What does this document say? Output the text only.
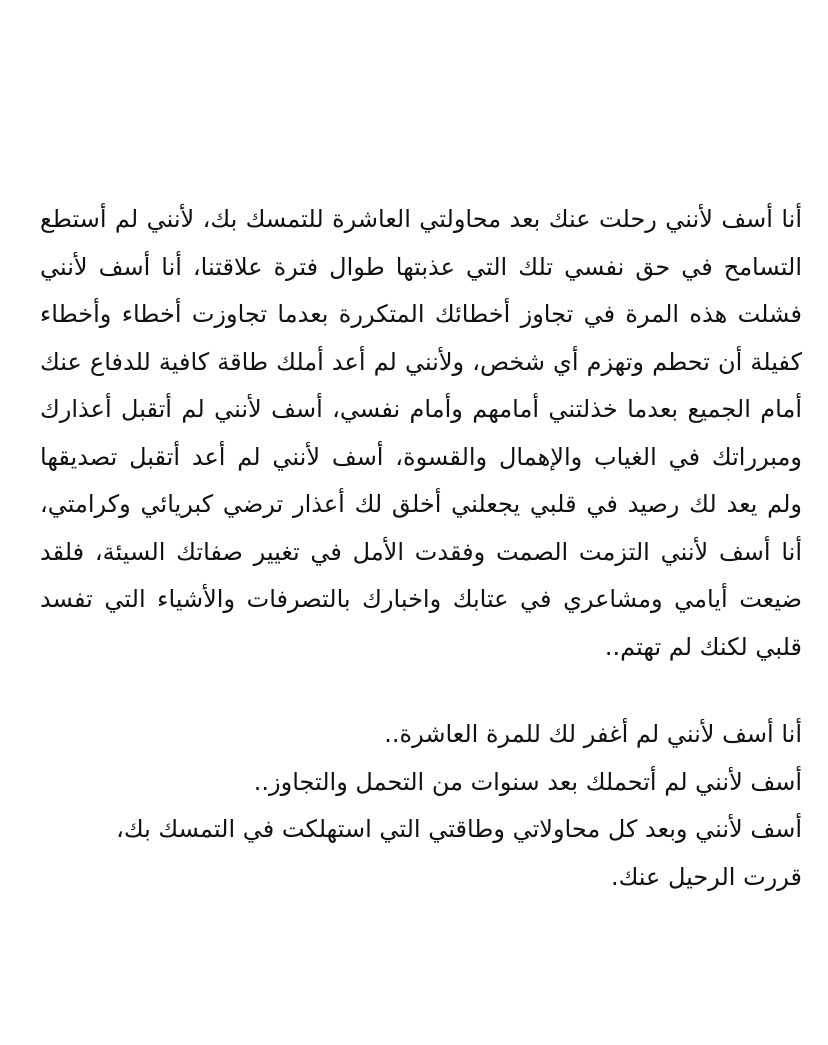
أنا أسف لأنني رحلت عنك بعد محاولتي العاشرة للتمسك بك، لأنني لم أستطع التسامح في حق نفسي تلك التي عذبتها طوال فترة علاقتنا، أنا أسف لأنني فشلت هذه المرة في تجاوز أخطائك المتكررة بعدما تجاوزت أخطاء وأخطاء كفيلة أن تحطم وتهزم أي شخص، ولأنني لم أعد أملك طاقة كافية للدفاع عنك أمام الجميع بعدما خذلتني أمامهم وأمام نفسي، أسف لأنني لم أتقبل أعذارك ومبرراتك في الغياب والإهمال والقسوة، أسف لأنني لم أعد أتقبل تصديقها ولم يعد لك رصيد في قلبي يجعلني أخلق لك أعذار ترضي كبريائي وكرامتي، أنا أسف لأنني التزمت الصمت وفقدت الأمل في تغيير صفاتك السيئة، فلقد ضيعت أيامي ومشاعري في عتابك واخبارك بالتصرفات والأشياء التي تفسد قلبي لكنك لم تهتم..

أنا أسف لأنني لم أغفر لك للمرة العاشرة..

أسف لأنني لم أتحملك بعد سنوات من التحمل والتجاوز..

أسف لأنني وبعد كل محاولاتي وطاقتي التي استهلكت في التمسك بك،

قررت الرحيل عنك.
